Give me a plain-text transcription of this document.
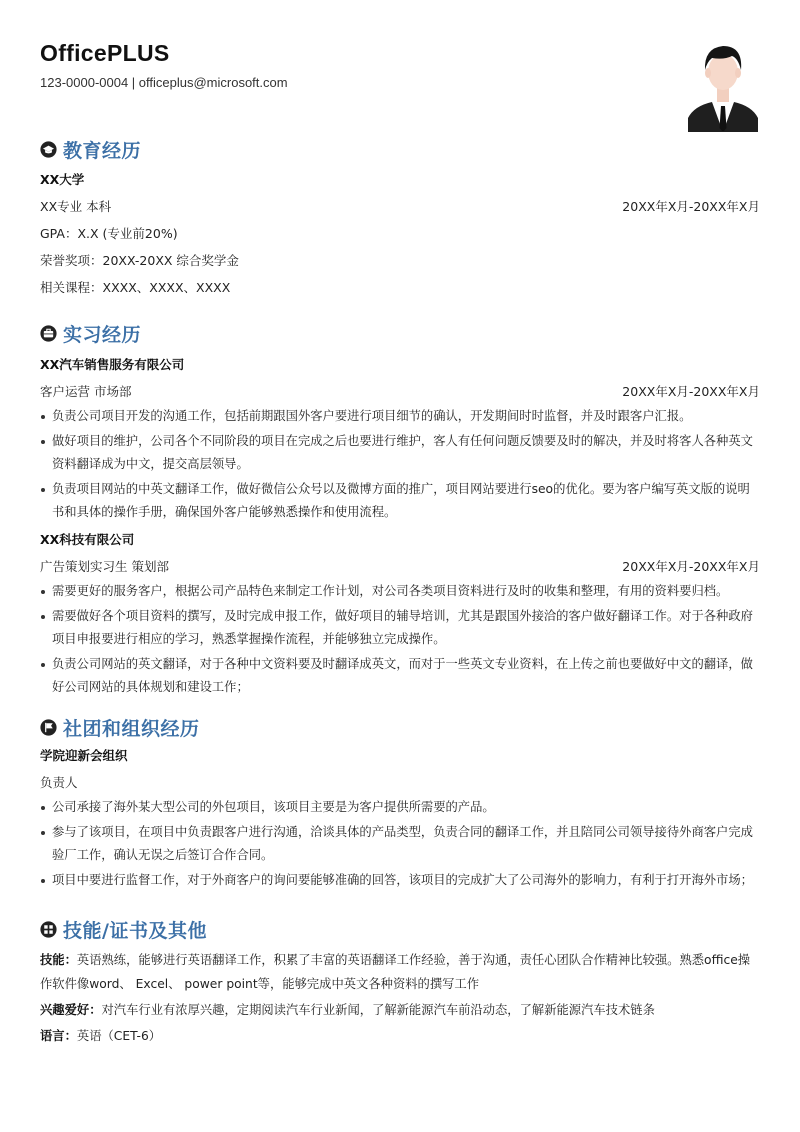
OfficePLUS
123-0000-0004 | officeplus@microsoft.com
教育经历
XX大学
XX专业 本科	20XX年X月-20XX年X月
GPA：X.X (专业前20%)
荣誉奖项：20XX-20XX 综合奖学金
相关课程：XXXX、XXXX、XXXX
实习经历
XX汽车销售服务有限公司
客户运营 市场部	20XX年X月-20XX年X月
负责公司项目开发的沟通工作，包括前期跟国外客户要进行项目细节的确认，开发期间时时监督，并及时跟客户汇报。
做好项目的维护，公司各个不同阶段的项目在完成之后也要进行维护，客人有任何问题反馈要及时的解决，并及时将客人各种英文资料翻译成为中文，提交高层领导。
负责项目网站的中英文翻译工作，做好微信公众号以及微博方面的推广，项目网站要进行seo的优化。要为客户编写英文版的说明书和具体的操作手册，确保国外客户能够熟悉操作和使用流程。
XX科技有限公司
广告策划实习生 策划部	20XX年X月-20XX年X月
需要更好的服务客户，根据公司产品特色来制定工作计划，对公司各类项目资料进行及时的收集和整理，有用的资料要归档。
需要做好各个项目资料的撰写，及时完成申报工作，做好项目的辅导培训，尤其是跟国外接洽的客户做好翻译工作。对于各种政府项目申报要进行相应的学习，熟悉掌握操作流程，并能够独立完成操作。
负责公司网站的英文翻译，对于各种中文资料要及时翻译成英文，而对于一些英文专业资料，在上传之前也要做好中文的翻译，做好公司网站的具体规划和建设工作；
社团和组织经历
学院迎新会组织
负责人
公司承接了海外某大型公司的外包项目，该项目主要是为客户提供所需要的产品。
参与了该项目，在项目中负责跟客户进行沟通，洽谈具体的产品类型，负责合同的翻译工作，并且陪同公司领导接待外商客户完成验厂工作，确认无误之后签订合作合同。
项目中要进行监督工作，对于外商客户的询问要能够准确的回答，该项目的完成扩大了公司海外的影响力，有利于打开海外市场；
技能/证书及其他
技能：英语熟练，能够进行英语翻译工作，积累了丰富的英语翻译工作经验，善于沟通，责任心团队合作精神比较强。熟悉office操作软件像word、 Excel、 power point等，能够完成中英文各种资料的撰写工作
兴趣爱好：对汽车行业有浓厚兴趣，定期阅读汽车行业新闻，了解新能源汽车前沿动态，了解新能源汽车技术链条
语言：英语（CET-6）
